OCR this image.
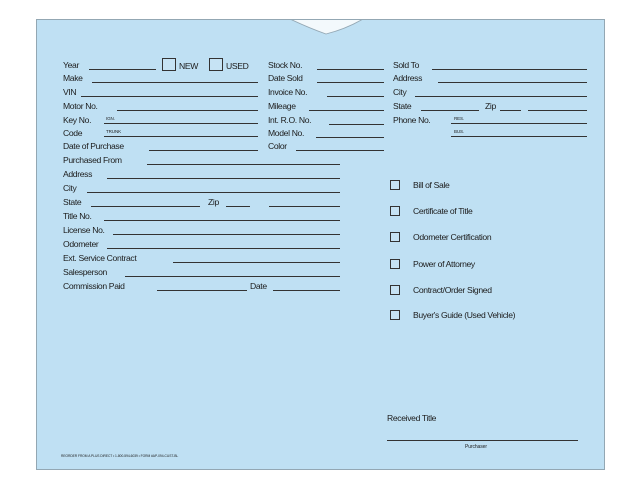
Year	NEW	USED
Make
VIN
Motor No.
Key No.	IGN.
Code	TRUNK
Date of Purchase
Purchased From
Address
City
State	Zip
Title No.
License No.
Odometer
Ext. Service Contract
Salesperson
Commission Paid	Date
Stock No.
Date Sold
Invoice No.
Mileage
Int. R.O. No.
Model No.
Color
Sold To
Address
City
State	Zip
Phone No.	RES.
BUS.
Bill of Sale
Certificate of Title
Odometer Certification
Power of Attorney
Contract/Order Signed
Buyer's Guide (Used Vehicle)
Received Title
Purchaser
REORDER FROM A PLUS DIRECT • 1-800-594-6039 • FORM #AP-094-CUST-BL
